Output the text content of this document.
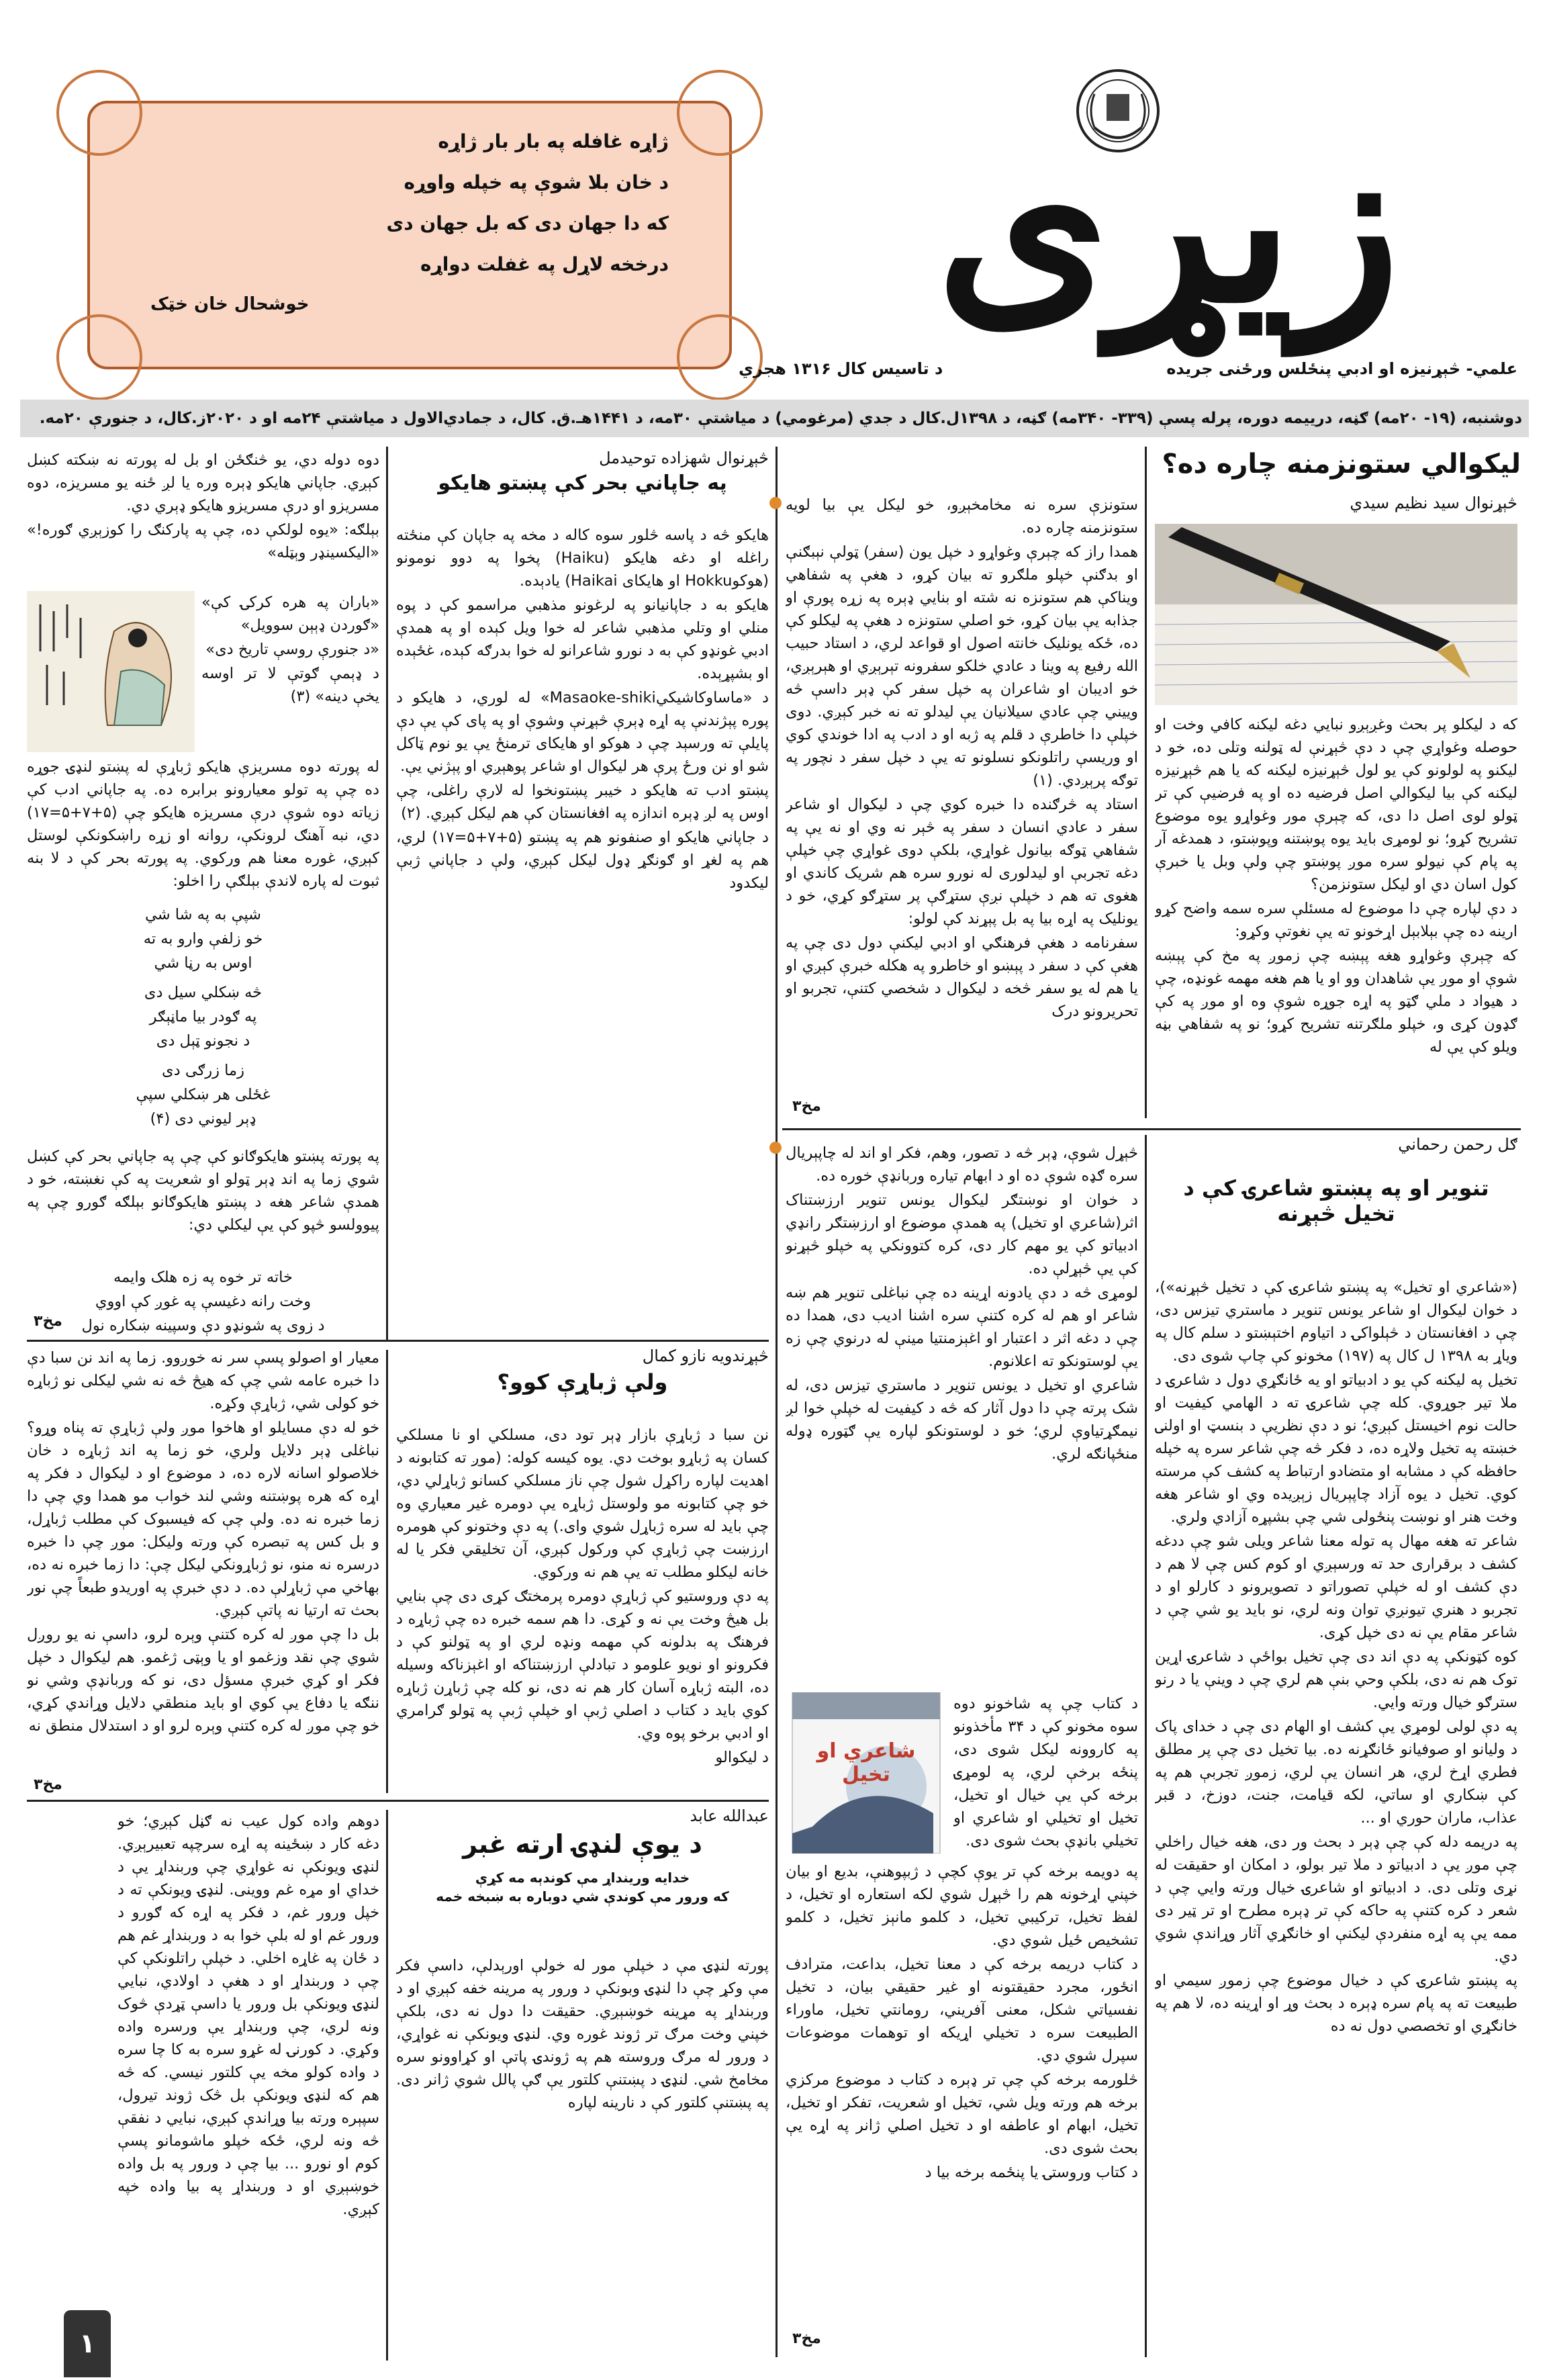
زیړی
ژاړه غافله په بار بار ژاړه
د خان بلا شوې په خپله واوړه
که دا جهان دی که بل جهان دی
درخخه لاړل په غفلت دواړه
خوشحال خان خټک
علمي- څېړنیزه او ادبي پنځلس ورځنی جریده
د تاسیس کال ۱۳۱۶ هجري
دوشنبه، (۱۹- ۲۰مه) ګڼه، درییمه دوره، پرله پسې (۳۳۹- ۳۴۰مه) ګڼه، د ۱۳۹۸ل.کال د جدي (مرغومي) د میاشتې ۳۰مه، د ۱۴۴۱هـ.ق. کال، د جمادي‌الاول د میاشتې ۲۴مه او د ۲۰۲۰ز.کال، د جنورې ۲۰مه.
لیکوالي ستونزمنه چاره ده؟
څېړنوال سید نظیم سیدي

که د لیکلو پر بحث وغږېږو نبایي دغه لیکنه کافي وخت او حوصله وغواړي چې د دې څېړنې له ټولنه وتلی ده، خو د لیکنو په لولونو کې یو لول څېړنیزه لیکنه که یا هم څېړنیزه لیکنه کې بیا لیکوالي اصل فرضیه ده او په فرضیې کې تر ټولو لوی اصل دا دی، که چېرې مور وغواړو یوه موضوع تشریح کړو؛ نو لومړی باید یوه پوښتنه وپوښتو، د همدغه آر په پام کې نیولو سره موږ پوښتو چې ولې وبل یا خبرې کول اسان دي او لیکل ستونزمن؟

د دې لپاره چې دا موضوع له مسئلې سره سمه واضح کړو ارینه ده چې بېلابېل اړخونو ته یې نغوتې وکړو:

که چېرې وغواړو هغه پېښه چې زموږ په مخ کې پېښه شوې او موږ یې شاهدان وو او یا هم هغه مهمه غونډه، چې د هیواد د ملي ګټو په اړه جوړه شوې وه او موږ په کې ګډون کړی و، خپلو ملګرتنه تشریح کړو؛ نو په شفاهي بڼه ویلو کې یې له

ستونزې سره نه مخامخېږو، خو لیکل یې بیا لویه ستونزمنه چاره ده.

همدا راز که چېرې وغواړو د خپل یون (سفر) ټولې نېبګنې او بدګنې خپلو ملګرو ته بیان کړو، د هغې په شفاهي ویناکې هم ستونزه نه شته او بنایي ډېره په زړه پورې او جذابه یې بیان کړو، خو اصلي ستونزه د هغې په لیکلو کې ده، ځکه یونلیک خانته اصول او قواعد لري، د استاد حبیب الله رفیع په وینا د عادي خلکو سفرونه تېرېږي او هېرېږي، خو ادیبان او شاعران په خپل سفر کې ډېر داسې څه وییني چې عادي سیلانیان یې لیدلو ته نه خبر کېږي. دوی خپلې دا خاطرې د قلم په ژبه او د ادب په ادا خوندي کوي او وریسې راتلونکو نسلونو ته یې د خپل سفر د نچور په توګه پرېږدي. (۱)

استاد په څرګنده دا خبره کوي چې د لیکوال او شاعر سفر د عادي انسان د سفر په څېر نه وي او نه یې په شفاهي ټوګه بیانول غواړي، بلکې دوی غواړي چې خپلې دغه تجربې او لیدلوری له نورو سره هم شریک کاندي او هغوی ته هم د خپلې نږې ستړګې پر ستړګو کړي، خو د یونلیک په اړه بیا په بل پېړند کې لولو:

سفرنامه د هغې فرهنګي او ادبي لیکنې دول دی چې په هغې کې د سفر د پېښو او خاطرو په هکله خبرې کېږي او یا هم له یو سفر څخه د لیکوال د شخصي کتنې، تجربو او تحریرونو درک

۳مخ
څېړنوال شهزاده توحیدمل
په جاپاني بحر کې پښتو هایکو

هایکو څه د پاسه څلور سوه کاله د مخه په جاپان کې منځته راغله او دغه هایکو (Haiku) پخوا په دوو نومونو (هوکوHokku او هایکای Haikai) یادېده.

هایکو به د جاپانیانو په لرغونو مذهبي مراسمو کې د پوه منلي او وتلي مذهبي شاعر له خوا ویل کېده او په همدې ادبي غونډو کې به د نورو شاعرانو له خوا بدرګه کېده، غځېده او بشپړېده.

د «ماساوکاشیکيMasaoke-shiki» له لوري، د هایکو د پوره پېژندنې په اړه ډېرې څېړنې وشوې او په پای کې یې دې پایلې ته ورسېد چې د هوکو او هایکای ترمنځ یې یو نوم ټاکل شو او نن ورځ پرې هر لیکوال او شاعر پوهېږي او پېژني یې.

پښتو ادب ته هایکو د خیبر پښتونخوا له لارې راغلی، چې اوس په لږ ډېره اندازه په افغانستان کې هم لیکل کېږي. (۲)

د جاپاني هایکو او صنفونو هم په پښتو (۵+۷+۵=۱۷) لري، هم په لغړ او ګونګړ ډول لیکل کېږي، ولې د جاپاني ژبې لیکدود

دوه دوله دي، یو څنګځن او بل له پورته نه ښکته کښل کېږي. جاپاني هایکو ډېره وره یا لږ ځنه یو مسریزه، دوه مسریزو او درې مسریزو هایکو ډېري دي.

بېلګه: «یوه لولکې ده، چې په پارکنګ را کوزېږي ګوره!» «الیکسینډر وېټله»

«باران په هره کرکۍ کې» «ګوردن ډېېن سوویل»

«د جنورې روسې تاریخ دی»

د ډېمې ګوتې لا تر اوسه یخې دینه» (۳)

له پورته دوه مسریزې هایکو ژباړې له پښتو لنډۍ جوړه ده چې په تولو معیارونو برابره ده. په جاپاني ادب کې زیاته دوه شوې درې مسریزه هایکو چې (۵+۷+۵=۱۷) دي، نبه آهنګ لرونکې، روانه او زړه راښکونکې لوستل کېږي، غوره معنا هم ورکوي. په پورته بحر کې د لا بنه ثبوت له پاره لاندې بېلګې را اخلو:

شپې به په شا شي

خو زلفې وارو به ته

اوس به رڼا شي

څه ښکلي سیل دی

په ګودر بیا ماڼېګر

د نجونو ټېل دی

زما زرګی دی

غځلی هر ښکلي سپې

ډېر لیوني دی (۴)

په پورته پښتو هایکوګانو کې چې په جاپاني بحر کې کښل شوي زما په اند ډېر ټولو او شعریت په کې نغښته، خو د همدې شاعر هغه د پښتو هایکوګانو بېلګه ګورو چې په پیوولسو څپو کې یې لیکلي دي:

خاته تر خوه په زه هلک وایمه

وخت رانه دغیسې په غوږ کې اووي

د زوی په شونډو دې وسپینه ښکاره نول

۳مخ
ګل رحمن رحماني
تنویر او په پښتو شاعرۍ کې د تخیل څېړنه

(«شاعري او تخیل» په پښتو شاعرۍ کې د تخیل څېړنه»)، د خوان لیکوال او شاعر یونس تنویر د ماستري تیزس دی، چې د افغانستان د څېلواکۍ د اتیاوم اختېښتو د سلم کال په ویاړ به ۱۳۹۸ ل کال په (۱۹۷) مخونو کې چاپ شوی دی.

تخیل په لیکنه کې یو د ادبیاتو او یه ځانګړي دول د شاعرۍ د ملا تیر جوړوي. کله چې شاعرۍ ته د الهامي کیفیت او حالت نوم اخیستل کېږي؛ نو د دې نظریې د بنسټ او اولنۍ خښته په تخیل ولاړه ده، د فکر څه چې شاعر سره په خپله حافظه کې د مشابه او متضادو ارتباط په کشف کې مرسته کوي. تخیل د یوه آزاد چاپېریال زېږیده وي او شاعر هغه وخت هنر او نوښت پنځولی شي چې بشپړه آزادي ولري.

شاعر ته هغه مهال په توله معنا شاعر ویلی شو چې ددغه کشف د برقراری حد ته ورسېږي او کوم کس چې لا هم د دې کشف او له خپلې تصوراتو د تصویرونو د کارلو او د تجربو د هنري تیونږي توان ونه لري، نو باید یو شي چې د شاعر مقام یې نه دی خپل کړی.

کوه کټونکې په دې اند دی چې تخیل بواځې د شاعرۍ اړین توک هم نه دی، بلکې وحي بنې هم لري چې د وینې یا د رنو سترګو خیال ورته وایي.

په دې لولی لومړي یې کشف او الهام دی چې د خدای پاک د ولیانو او صوفیانو ځانګړنه ده. بیا تخیل دی چې پر مطلق فطري اړخ لري، هر انسان یې لري، زموږ تجربې هم په کې ښکاري او ساتي، لکه قیامت، جنت، دوزخ، د قبر عذاب، ماران حوري او ...

په دریمه دله کې چې ډېر د بحث ور دی، هغه خیال راخلي چې موږ یې د ادبیاتو د ملا تیر بولو، د امکان او حقیقت له نړی وتلی دی. د ادبیاتو او شاعرۍ خیال ورته وایي چې د شعر د کره کتنې په حاکه کې تر ډېره مطرح او تر ټیر دی ممه یې په اړه منفردې لیکنې او خانګړي آثار وړاندې شوي دي.

په پښتو شاعرۍ کې د خیال موضوع چې زموږ سیمي او طبیعت ته په پام سره ډېره د بحث وړ او اړینه ده، لا هم په خانګړي او تخصصي دول نه ده

څېړل شوې، ډېر څه د تصور، وهم، فکر او اند له چاپېریال سره ګډه شوې ده او د ابهام تیاره وربانډې خوره ده.

د خوان او نوښتګر لیکوال یونس تنویر ارزښتناک اثر(شاعري او تخیل) په همدې موضوع او ارزښتګر رانډي ادبیاتو کې یو مهم کار دی، کره کتوونکي په خپلو څېړنو کې یې څېړلې ده.

لومړی څه د دې یادونه اړینه ده چې نباغلی تنویر هم ښه شاعر او هم له کره کتنې سره اشنا ادیب دی، همدا ده چې د دغه اثر د اعتبار او اغېزمنتیا مینې له درنوي چې زه یې لوستونکو ته اعلانوم.

شاعري او تخیل د یونس تنویر د ماستري تیزس دی، له شک پرته چې دا دول آثار که څه د کیفیت له خپلې خوا لږ نیمګړتیاوې لري؛ خو د لوستونکو لپاره یې ګټوره ډوله منځپانګه لري.

شاعري او تخیل

د کتاب چې په شاخونو دوه سوه مخونو کې د ۳۴ مأخذونو په کاروونه لیکل شوی دی، پنځه برخې لري، په لومړۍ برخه کې يې خیال او تخیل، تخیل او تخیلي او شاعري او تخیلي بانډې بحث شوی دی.

په دویمه برخه کې تر یوې کچې د ژبپوهنې، بدیع او بیان خپني اړخونه هم را څېړل شوي لکه استعاره او تخیل، د لفظ تخیل، ترکیبي تخیل، د کلمو مانېز تخیل، د کلمو تشخیص ځیل شوي دي.

د کتاب دریمه برخه کې د معنا تخیل، بداعت، مترادف انځور، مجرد حقیقتونه او غیر حقیقي بیان، د تخیل نفسیاتي شکل، معنی آفریني، رومانتي تخیل، ماوراء الطبیعت سره د تخیلي اړیکه او توهمات موضوعات سپرل شوي دي.

څلورمه برخه کې چې تر ډېره د کتاب د موضوع مرکزي برخه هم ورته ویل شي، تخیل او شعریت، تفکر او تخیل، تخیل، ابهام او عاطفه او د تخیل اصلي ژانر په اړه یې بحث شوی دی.

د کتاب وروستۍ یا پنځمه برخه بیا د

۳مخ
څېړندویه نازو کمال
ولې ژباړې کوو؟

نن سبا د ژباړې بازار ډېر تود دی، مسلکي او نا مسلکي کسان په ژباړو بوخت دي. یوه کیسه کوله: (موږ ته کتابونه د اهدیت لپاره راکړل شول چې ناز مسلکي کسانو ژباړلي دي، خو چې کتابونه مو ولوستل ژباړه یې دومره غیر معیاري وه چې باید له سره ژباړل شوي وای.) په دې وختونو کې هومره ارزښت چې ژباړې کې ورکول کېږي، آن تخلیقي فکر یا له خانه لیکلو مطلب ته یې هم نه ورکوي.

په دې وروستیو کې ژباړې دومره پرمختګ کړی دی چې بنایي بل هیڅ وخت یې نه و کړی. دا هم سمه خبره ده چې ژباړه د فرهنګ په بدلونه کې مهمه ونډه لري او په ټولنو کې د فکرونو او نویو علومو د تبادلې ارزښتناکه او اغېزناکه وسیله ده، البته ژباړه آسان کار هم نه دی، نو کله چې ژباړن ژباړه کوي باید د کتاب د اصلي ژبې او خپلې ژبې په ټولو ګرامري او ادبي برخو پوه وي.

د لیکوالو

معیار او اصولو پسې سر نه خوږوو. زما په اند نن سبا دې دا خبره عامه شي چې که هیڅ څه نه شي لیکلی نو ژباړه خو کولی شي، ژباړې وکړه.

خو له دې مسایلو او هاخوا موږ ولې ژباړې ته پناه وړو؟ نباغلی ډېر دلایل ولري، خو زما په اند ژباړه د خان خلاصولو اسانه لاره ده، د موضوع او د لیکوال د فکر په اړه که هره پوښتنه وشي لند خواب مو همدا وي چې دا زما خبره نه ده. ولې چې که فیسبوک کې مطلب ژباړل، و بل کس په تبصره کې ورته ولیکل: موږ چې دا خبره درسره نه منو، نو ژباړونکي ليکل چې: دا زما خبره نه ده، بهاخي مې ژباړلې ده. د دې خبرې په اوریدو طبعاً چې نور بحث ته ارتیا نه پاتې کېږي.

بل دا چې موږ له کره کتنې وېره لرو، داسې نه یو روږل شوي چې نقد وزغمو او یا وېټی ژغمو. هم لیکوال د خپل فکر او کړي خبرې مسؤل دی، نو که وربانډې وشي نو ننګه یا دفاع یې کوي او باید منطقي دلایل وړاندي کړي، خو چې موږ له کره کتنې وېره لرو او د استدلال منطق نه

۳مخ
عبدالله عابد
د یوې لنډۍ ارته غبر
خدایه ورینداړ مې کوندېه مه کړې
که ورور مې کوندې شي دوباره به ښبخه خمه

پورته لنډۍ مې د خپلې مور له خولې اورېدلې، داسې فکر مې وکړ چې دا لنډۍ وبونکې د ورور په مرینه خفه کېږي او د وربنداړ په مړینه خوښېږي. حقیقت دا دول نه دی، بلکې خپني وخت مرګ تر ژوند غوره وي. لنډۍ ویونکې نه غواړي، د ورور له مرګ وروسته هم په ژوندۍ پاتې او کړاوونو سره مخامخ شي. لنډۍ د پښتنې کلتور یې ګې پالل شوي ژانر دی. په پښتنې کلتور کې د نارینه لپاره

دوهم واده کول عیب نه ګڼل کېږي؛ خو دغه کار د ښځینه په اړه سرچپه تعبیرېږي. لنډۍ ویونکې نه غواړي چې وربنداړ یې د خداي او مړه غم ووینی. لنډۍ ویونکې ته د خپل ورور غم، د فکر په اړه که ګورو د ورور غم او له بلې خوا به د وربنداړ غم هم د ځان په غاړه اخلي. د خپلې راتلونکې کې چې د وربنداړ او د هغې د اولادي، نبایي لنډۍ ویونکې بل ورور یا داسې ټړدې څوک ونه لري، چې وربنداړ یې ورسره واده وکړي. د کورنۍ له غړو سره به کا چا سره د واده کولو مخه یې کلتور نیسي. که څه هم که لنډۍ ویونکې بل څک ژوند تیرول، سپېره ورته بیا وړاندې کېږي، نبایي د نفقې څه ونه لري، ځکه خپلو ماشومانو پسې کوم او نورو ... بیا چې د ورور په بل واده خوښېږي او د وربنداړ په بیا واده خپه کېږي.

۱
